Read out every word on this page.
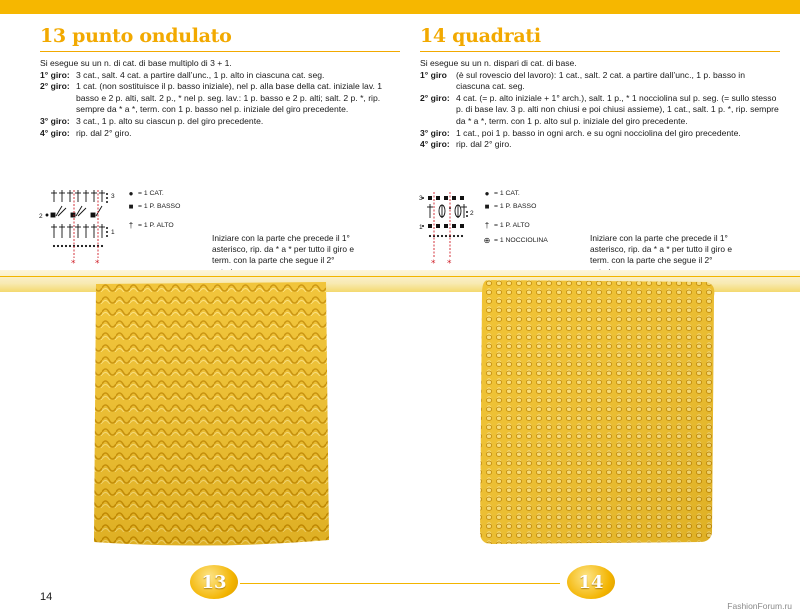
13 punto ondulato
Si esegue su un n. di cat. di base multiplo di 3 + 1.
1° giro: 3 cat., salt. 4 cat. a partire dall’unc., 1 p. alto in ciascuna cat. seg.
2° giro: 1 cat. (non sostituisce il p. basso iniziale), nel p. alla base della cat. iniziale lav. 1 basso e 2 p. alti, salt. 2 p., * nel p. seg. lav.: 1 p. basso e 2 p. alti; salt. 2 p. *, rip. sempre da * a *, term. con 1 p. basso nel p. iniziale del giro precedente.
3° giro: 3 cat., 1 p. alto su ciascun p. del giro precedente.
4° giro: rip. dal 2° giro.
14 quadrati
Si esegue su un n. dispari di cat. di base.
1° giro	(è sul rovescio del lavoro): 1 cat., salt. 2 cat. a partire dall’unc., 1 p. basso in ciascuna cat. seg.
2° giro: 4 cat. (= p. alto iniziale + 1° arch.), salt. 1 p., * 1 nocciolina sul p. seg. (= sullo stesso p. di base lav. 3 p. alti non chiusi e poi chiusi assieme), 1 cat., salt. 1 p. *, rip. sempre da * a *, term. con 1 p. alto sul p. iniziale del giro precedente.
3° giro: 1 cat., poi 1 p. basso in ogni arch. e su ogni nocciolina del giro precedente.
4° giro: rip. dal 2° giro.
* *
3
2
1
● = 1 CAT.
■ = 1 P. BASSO
† = 1 P. ALTO
Iniziare con la parte che precede il 1° asterisco, rip. da * a * per tutto il giro e term. con la parte che segue il 2°	* *
3
2
1
● = 1 CAT.
■ = 1 P. BASSO
† = 1 P. ALTO
⊕ = 1 NOCCIOLINA	Iniziare con la parte che precede il 1° asterisco, rip. da * a * per tutto il giro e term. con la parte che segue il 2°
13	14
14
FashionForum.ru
